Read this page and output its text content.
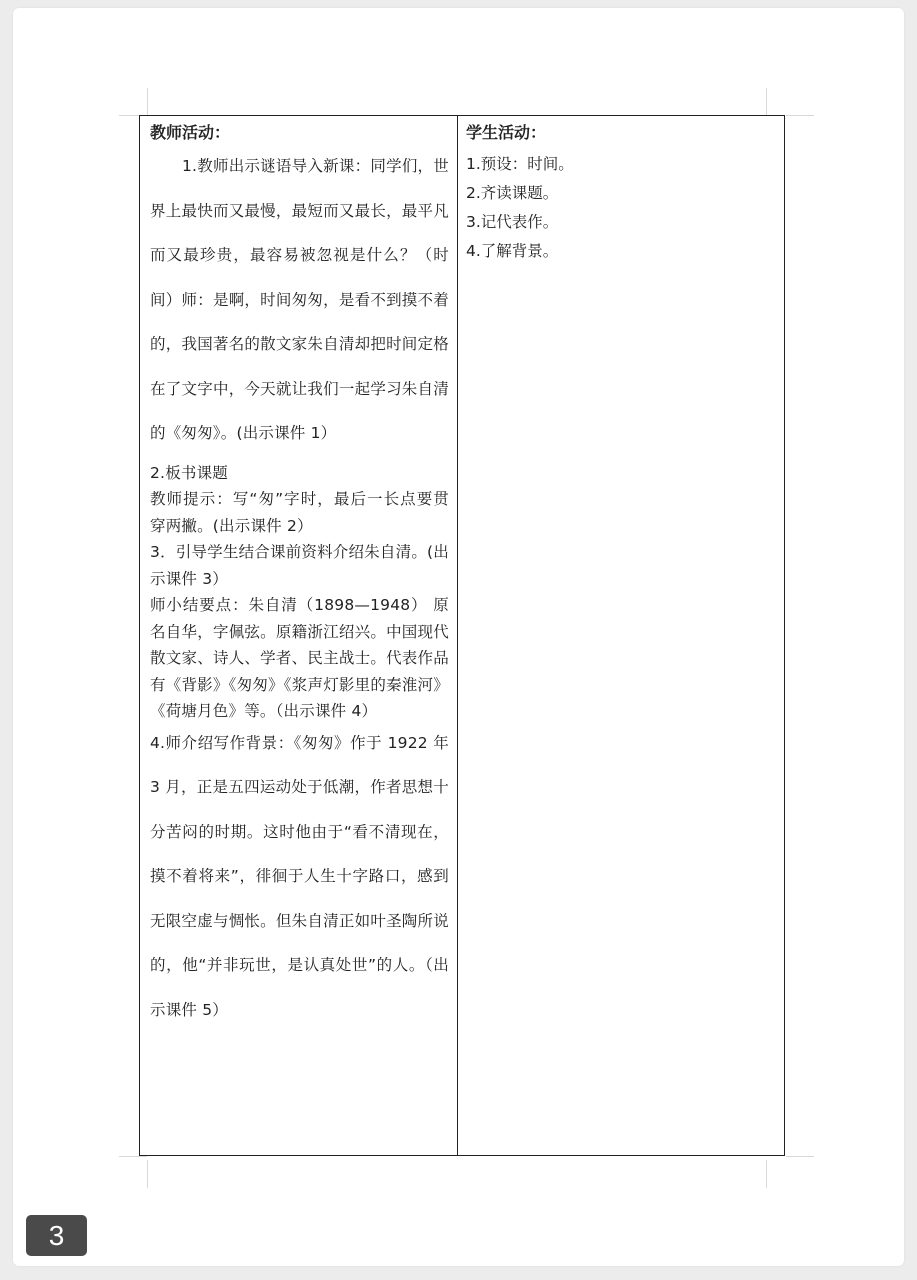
教师活动：

1.教师出示谜语导入新课：同学们，世界上最快而又最慢，最短而又最长，最平凡而又最珍贵，最容易被忽视是什么？（时间）师：是啊，时间匆匆，是看不到摸不着的，我国著名的散文家朱自清却把时间定格在了文字中，今天就让我们一起学习朱自清的《匆匆》。(出示课件 1）

2.板书课题

教师提示：写“匆”字时，最后一长点要贯穿两撇。(出示课件 2）

3．引导学生结合课前资料介绍朱自清。(出示课件 3）

师小结要点：朱自清（1898—1948） 原名自华，字佩弦。原籍浙江绍兴。中国现代散文家、诗人、学者、民主战士。代表作品有《背影》《匆匆》《浆声灯影里的秦淮河》《荷塘月色》等。（出示课件 4）

4.师介绍写作背景：《匆匆》作于 1922 年 3 月，正是五四运动处于低潮，作者思想十分苦闷的时期。这时他由于“看不清现在，摸不着将来”，徘徊于人生十字路口，感到无限空虚与惆怅。但朱自清正如叶圣陶所说的，他“并非玩世，是认真处世”的人。（出示课件 5）

学生活动：

1.预设：时间。

2.齐读课题。

3.记代表作。

4.了解背景。

3
